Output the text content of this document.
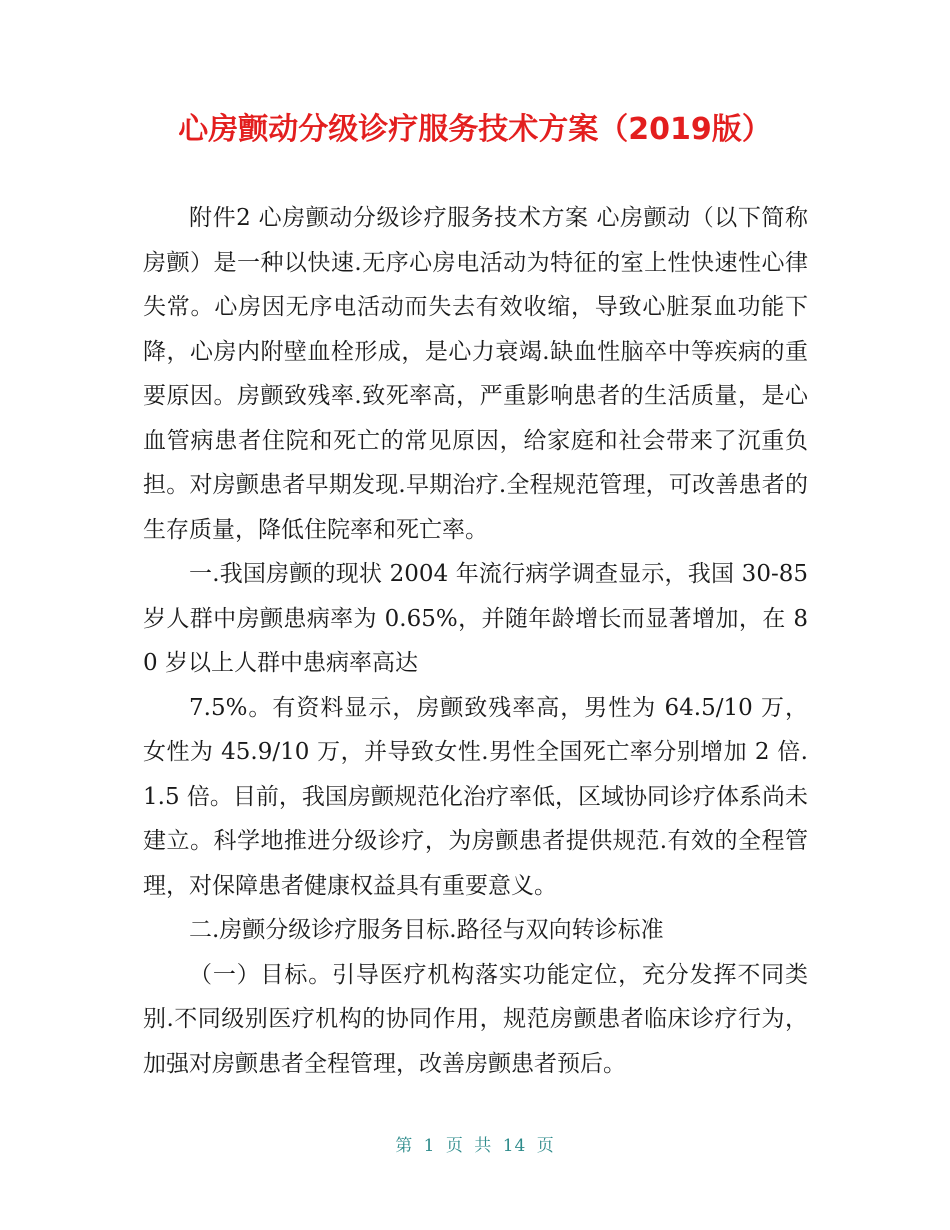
心房颤动分级诊疗服务技术方案（2019版）

附件2 心房颤动分级诊疗服务技术方案 心房颤动（以下简称房颤）是一种以快速.无序心房电活动为特征的室上性快速性心律失常。心房因无序电活动而失去有效收缩，导致心脏泵血功能下降，心房内附壁血栓形成，是心力衰竭.缺血性脑卒中等疾病的重要原因。房颤致残率.致死率高，严重影响患者的生活质量，是心血管病患者住院和死亡的常见原因，给家庭和社会带来了沉重负担。对房颤患者早期发现.早期治疗.全程规范管理，可改善患者的生存质量，降低住院率和死亡率。

一.我国房颤的现状 2004 年流行病学调查显示，我国 30-85 岁人群中房颤患病率为 0.65%，并随年龄增长而显著增加，在 80 岁以上人群中患病率高达

7.5%。有资料显示，房颤致残率高，男性为 64.5/10 万，女性为 45.9/10 万，并导致女性.男性全国死亡率分别增加 2 倍.1.5 倍。目前，我国房颤规范化治疗率低，区域协同诊疗体系尚未建立。科学地推进分级诊疗，为房颤患者提供规范.有效的全程管理，对保障患者健康权益具有重要意义。

二.房颤分级诊疗服务目标.路径与双向转诊标准

（一）目标。引导医疗机构落实功能定位，充分发挥不同类别.不同级别医疗机构的协同作用，规范房颤患者临床诊疗行为，加强对房颤患者全程管理，改善房颤患者预后。

第 1 页 共 14 页
